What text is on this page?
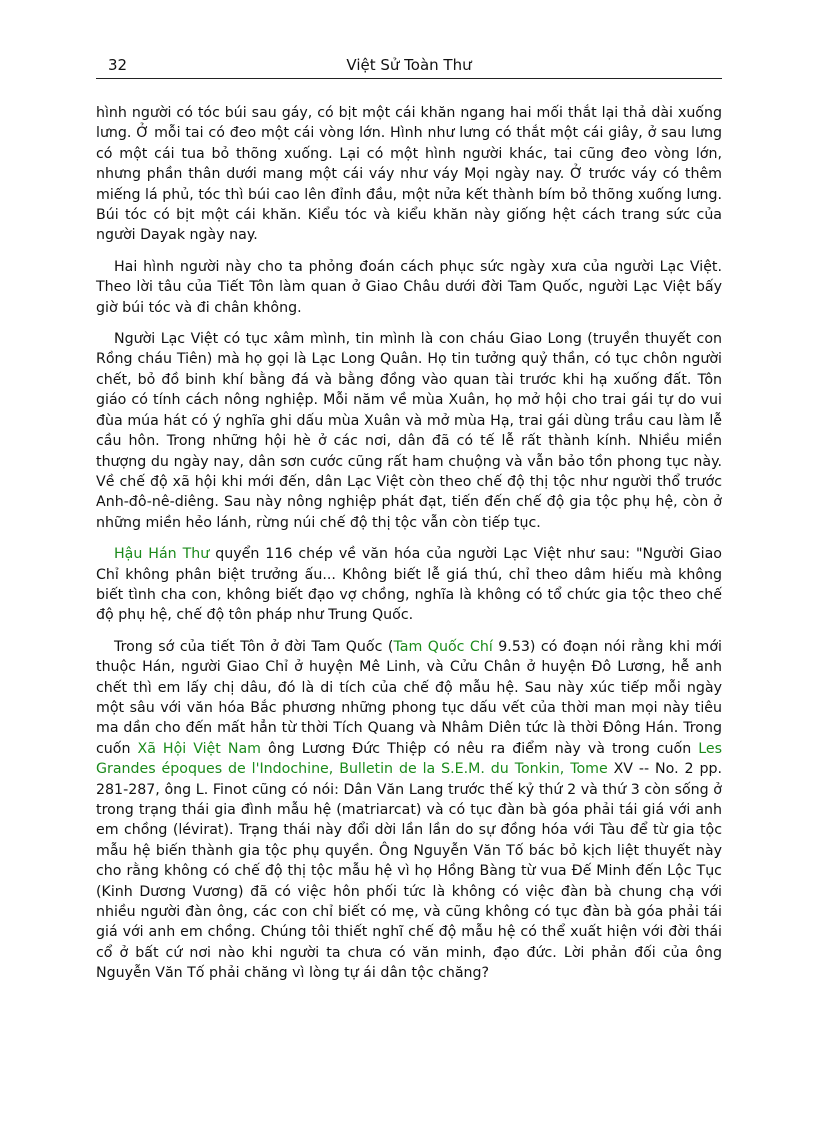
32	Việt Sử Toàn Thư

hình người có tóc búi sau gáy, có bịt một cái khăn ngang hai mối thắt lại thả dài xuống lưng. Ở mỗi tai có đeo một cái vòng lớn. Hình như lưng có thắt một cái giây, ở sau lưng có một cái tua bỏ thõng xuống. Lại có một hình người khác, tai cũng đeo vòng lớn, nhưng phần thân dưới mang một cái váy như váy Mọi ngày nay. Ở trước váy có thêm miếng lá phủ, tóc thì búi cao lên đỉnh đầu, một nửa kết thành bím bỏ thõng xuống lưng. Búi tóc có bịt một cái khăn. Kiểu tóc và kiểu khăn này giống hệt cách trang sức của người Dayak ngày nay.

Hai hình người này cho ta phỏng đoán cách phục sức ngày xưa của người Lạc Việt. Theo lời tâu của Tiết Tôn làm quan ở Giao Châu dưới đời Tam Quốc, người Lạc Việt bấy giờ búi tóc và đi chân không.

Người Lạc Việt có tục xâm mình, tin mình là con cháu Giao Long (truyền thuyết con Rồng cháu Tiên) mà họ gọi là Lạc Long Quân. Họ tin tưởng quỷ thần, có tục chôn người chết, bỏ đồ binh khí bằng đá và bằng đồng vào quan tài trước khi hạ xuống đất. Tôn giáo có tính cách nông nghiệp. Mỗi năm về mùa Xuân, họ mở hội cho trai gái tự do vui đùa múa hát có ý nghĩa ghi dấu mùa Xuân và mở mùa Hạ, trai gái dùng trầu cau làm lễ cầu hôn. Trong những hội hè ở các nơi, dân đã có tế lễ rất thành kính. Nhiều miền thượng du ngày nay, dân sơn cước cũng rất ham chuộng và vẫn bảo tồn phong tục này. Về chế độ xã hội khi mới đến, dân Lạc Việt còn theo chế độ thị tộc như người thổ trước Anh-đô-nê-diêng. Sau này nông nghiệp phát đạt, tiến đến chế độ gia tộc phụ hệ, còn ở những miền hẻo lánh, rừng núi chế độ thị tộc vẫn còn tiếp tục.

Hậu Hán Thư quyển 116 chép về văn hóa của người Lạc Việt như sau: "Người Giao Chỉ không phân biệt trưởng ấu... Không biết lễ giá thú, chỉ theo dâm hiếu mà không biết tình cha con, không biết đạo vợ chồng, nghĩa là không có tổ chức gia tộc theo chế độ phụ hệ, chế độ tôn pháp như Trung Quốc.

Trong sớ của tiết Tôn ở đời Tam Quốc (Tam Quốc Chí 9.53) có đoạn nói rằng khi mới thuộc Hán, người Giao Chỉ ở huyện Mê Linh, và Cửu Chân ở huyện Đô Lương, hễ anh chết thì em lấy chị dâu, đó là di tích của chế độ mẫu hệ. Sau này xúc tiếp mỗi ngày một sâu với văn hóa Bắc phương những phong tục dấu vết của thời man mọi này tiêu ma dần cho đến mất hẳn từ thời Tích Quang và Nhâm Diên tức là thời Đông Hán. Trong cuốn Xã Hội Việt Nam ông Lương Đức Thiệp có nêu ra điểm này và trong cuốn Les Grandes époques de l'Indochine, Bulletin de la S.E.M. du Tonkin, Tome XV -- No. 2 pp. 281-287, ông L. Finot cũng có nói: Dân Văn Lang trước thế kỷ thứ 2 và thứ 3 còn sống ở trong trạng thái gia đình mẫu hệ (matriarcat) và có tục đàn bà góa phải tái giá với anh em chồng (lévirat). Trạng thái này đổi dời lần lần do sự đồng hóa với Tàu để từ gia tộc mẫu hệ biến thành gia tộc phụ quyền. Ông Nguyễn Văn Tố bác bỏ kịch liệt thuyết này cho rằng không có chế độ thị tộc mẫu hệ vì họ Hồng Bàng từ vua Đế Minh đến Lộc Tục (Kinh Dương Vương) đã có việc hôn phối tức là không có việc đàn bà chung chạ với nhiều người đàn ông, các con chỉ biết có mẹ, và cũng không có tục đàn bà góa phải tái giá với anh em chồng. Chúng tôi thiết nghĩ chế độ mẫu hệ có thể xuất hiện với đời thái cổ ở bất cứ nơi nào khi người ta chưa có văn minh, đạo đức. Lời phản đối của ông Nguyễn Văn Tố phải chăng vì lòng tự ái dân tộc chăng?
